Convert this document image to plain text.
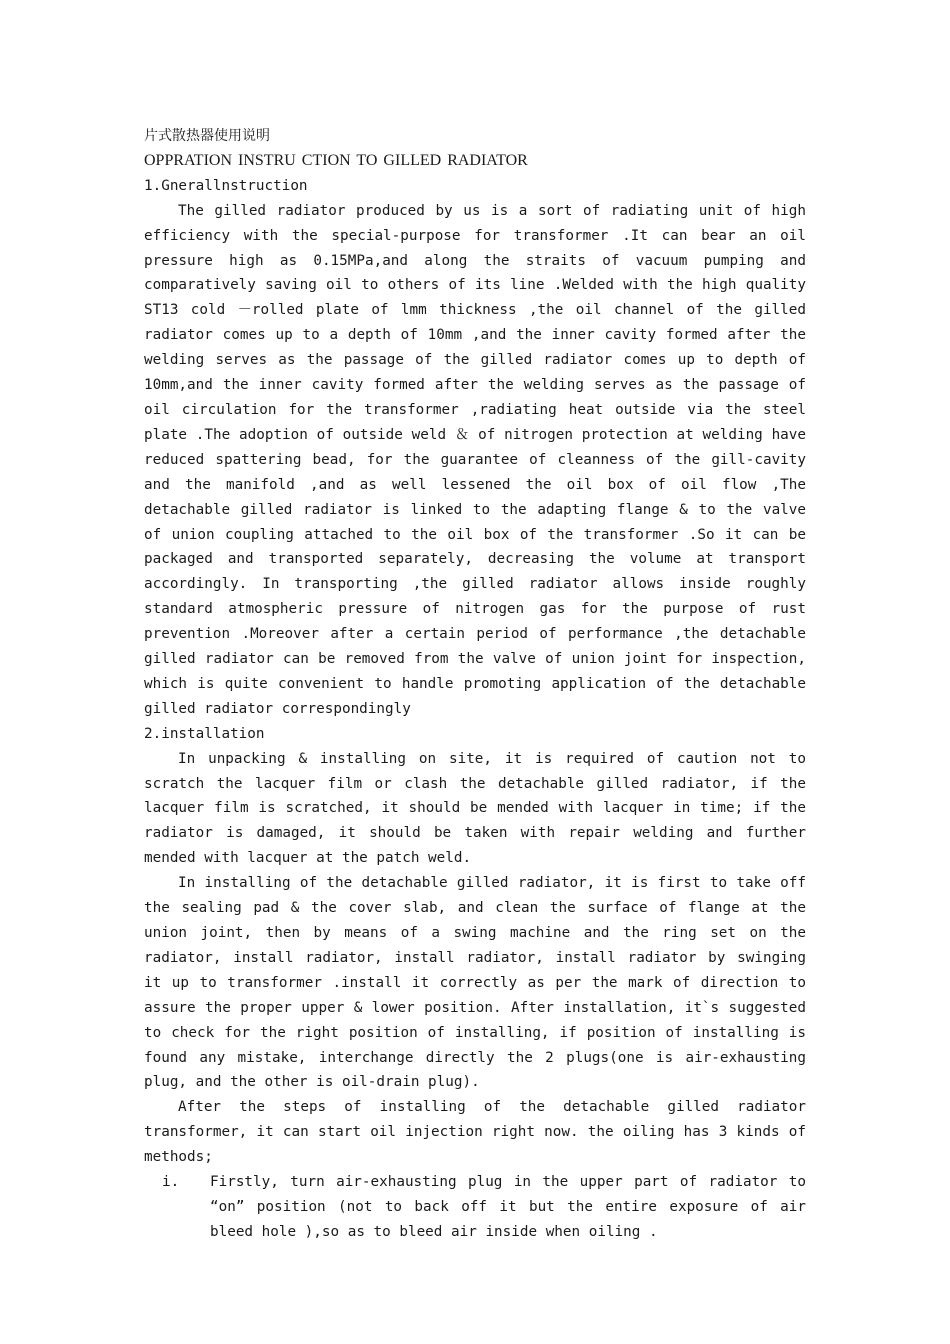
片式散热器使用说明

OPPRATION INSTRU CTION TO GILLED RADIATOR

1.Gnerallnstruction

The gilled radiator produced by us is a sort of radiating unit of high efficiency with the special-purpose for transformer .It can bear an oil pressure high as 0.15MPa,and along the straits of vacuum pumping and comparatively saving oil to others of its line .Welded with the high quality ST13 cold －rolled plate of lmm thickness ,the oil channel of the gilled radiator comes up to a depth of 10mm ,and the inner cavity formed after the welding serves as the passage of the gilled radiator comes up to depth of 10mm,and the inner cavity formed after the welding serves as the passage of oil circulation for the transformer ,radiating heat outside via the steel plate .The adoption of outside weld ＆ of nitrogen protection at welding have reduced spattering bead, for the guarantee of cleanness of the gill-cavity and the manifold ,and as well lessened the oil box of oil flow ,The detachable gilled radiator is linked to the adapting flange & to the valve of union coupling attached to the oil box of the transformer .So it can be packaged and transported separately, decreasing the volume at transport accordingly. In transporting ,the gilled radiator allows inside roughly standard atmospheric pressure of nitrogen gas for the purpose of rust prevention .Moreover after a certain period of performance ,the detachable gilled radiator can be removed from the valve of union joint for inspection, which is quite convenient to handle promoting application of the detachable gilled radiator correspondingly

2.installation

In unpacking & installing on site, it is required of caution not to scratch the lacquer film or clash the detachable gilled radiator, if the lacquer film is scratched, it should be mended with lacquer in time; if the radiator is damaged, it should be taken with repair welding and further mended with lacquer at the patch weld.

In installing of the detachable gilled radiator, it is first to take off the sealing pad & the cover slab, and clean the surface of flange at the union joint, then by means of a swing machine and the ring set on the radiator, install radiator, install radiator, install radiator by swinging it up to transformer .install it correctly as per the mark of direction to assure the proper upper & lower position. After installation, it`s suggested to check for the right position of installing, if position of installing is found any mistake, interchange directly the 2 plugs(one is air-exhausting plug, and the other is oil-drain plug).

After the steps of installing of the detachable gilled radiator transformer, it can start oil injection right now. the oiling has 3 kinds of methods;

i.	Firstly, turn air-exhausting plug in the upper part of radiator to “on” position (not to back off it but the entire exposure of air bleed hole ),so as to bleed air inside when oiling .
